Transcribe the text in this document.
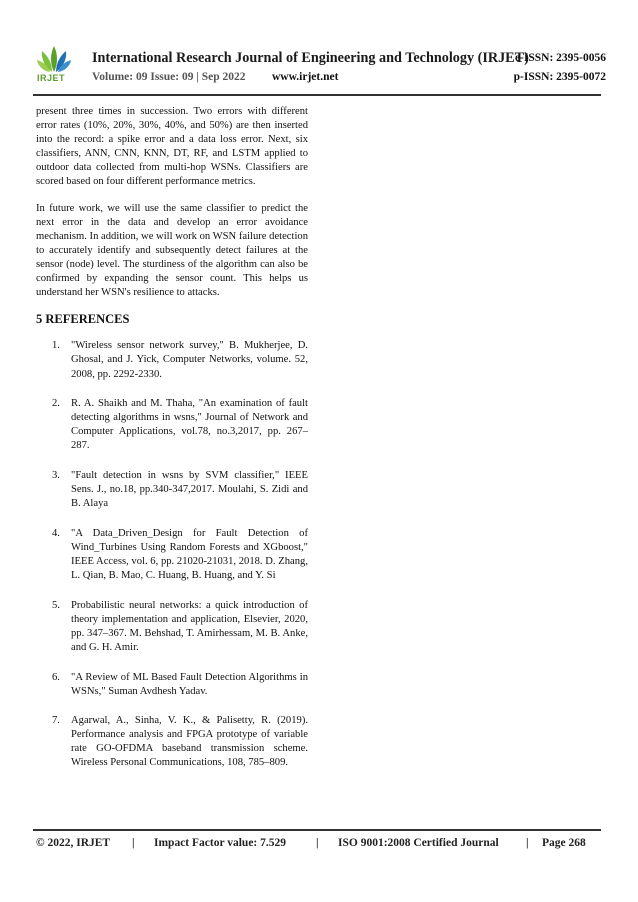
IRJET
International Research Journal of Engineering and Technology (IRJET)
e-ISSN: 2395-0056
Volume: 09 Issue: 09 | Sep 2022 www.irjet.net	p-ISSN: 2395-0072

present three times in succession. Two errors with different error rates (10%, 20%, 30%, 40%, and 50%) are then inserted into the record: a spike error and a data loss error. Next, six classifiers, ANN, CNN, KNN, DT, RF, and LSTM applied to outdoor data collected from multi-hop WSNs. Classifiers are scored based on four different performance metrics.

In future work, we will use the same classifier to predict the next error in the data and develop an error avoidance mechanism. In addition, we will work on WSN failure detection to accurately identify and subsequently detect failures at the sensor (node) level. The sturdiness of the algorithm can also be confirmed by expanding the sensor count. This helps us understand her WSN's resilience to attacks.

5 REFERENCES
1. "Wireless sensor network survey," B. Mukherjee, D. Ghosal, and J. Yick, Computer Networks, volume. 52, 2008, pp. 2292-2330.
2. R. A. Shaikh and M. Thaha, "An examination of fault detecting algorithms in wsns," Journal of Network and Computer Applications, vol.78, no.3,2017, pp. 267–287.
3. "Fault detection in wsns by SVM classifier," IEEE Sens. J., no.18, pp.340-347,2017. Moulahi, S. Zidi and B. Alaya
4. "A Data_Driven_Design for Fault Detection of Wind_Turbines Using Random Forests and XGboost," IEEE Access, vol. 6, pp. 21020-21031, 2018. D. Zhang, L. Qian, B. Mao, C. Huang, B. Huang, and Y. Si
5. Probabilistic neural networks: a quick introduction of theory implementation and application, Elsevier, 2020, pp. 347–367. M. Behshad, T. Amirhessam, M. B. Anke, and G. H. Amir.
6. "A Review of ML Based Fault Detection Algorithms in WSNs," Suman Avdhesh Yadav.
7. Agarwal, A., Sinha, V. K., & Palisetty, R. (2019). Performance analysis and FPGA prototype of variable rate GO-OFDMA baseband transmission scheme. Wireless Personal Communications, 108, 785–809.
© 2022, IRJET | Impact Factor value: 7.529	| ISO 9001:2008 Certified Journal | Page 268
